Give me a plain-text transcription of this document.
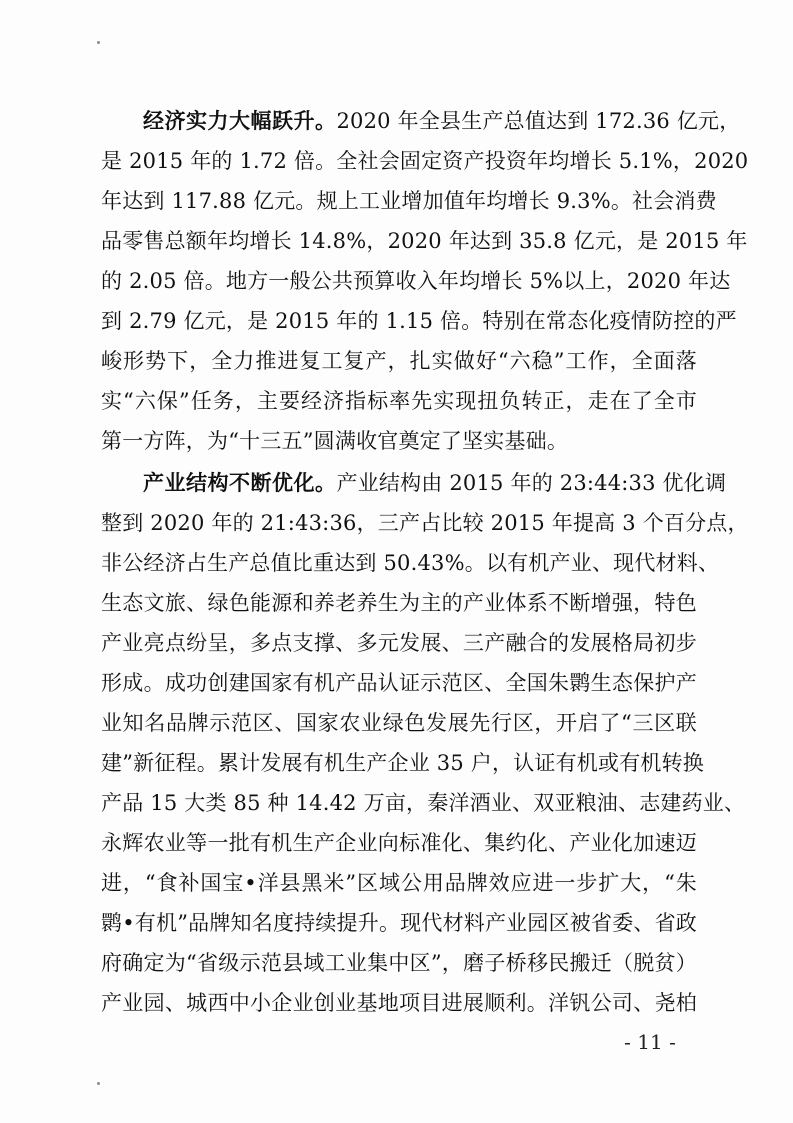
经济实力大幅跃升。2020 年全县生产总值达到 172.36 亿元，
是 2015 年的 1.72 倍。全社会固定资产投资年均增长 5.1%，2020
年达到 117.88 亿元。规上工业增加值年均增长 9.3%。社会消费
品零售总额年均增长 14.8%，2020 年达到 35.8 亿元，是 2015 年
的 2.05 倍。地方一般公共预算收入年均增长 5%以上，2020 年达
到 2.79 亿元，是 2015 年的 1.15 倍。特别在常态化疫情防控的严
峻形势下，全力推进复工复产，扎实做好“六稳”工作，全面落
实“六保”任务，主要经济指标率先实现扭负转正，走在了全市
第一方阵，为“十三五”圆满收官奠定了坚实基础。
产业结构不断优化。产业结构由 2015 年的 23:44:33 优化调
整到 2020 年的 21:43:36，三产占比较 2015 年提高 3 个百分点，
非公经济占生产总值比重达到 50.43%。以有机产业、现代材料、
生态文旅、绿色能源和养老养生为主的产业体系不断增强，特色
产业亮点纷呈，多点支撑、多元发展、三产融合的发展格局初步
形成。成功创建国家有机产品认证示范区、全国朱鹮生态保护产
业知名品牌示范区、国家农业绿色发展先行区，开启了“三区联
建”新征程。累计发展有机生产企业 35 户，认证有机或有机转换
产品 15 大类 85 种 14.42 万亩，秦洋酒业、双亚粮油、志建药业、
永辉农业等一批有机生产企业向标准化、集约化、产业化加速迈
进，“食补国宝•洋县黑米”区域公用品牌效应进一步扩大，“朱
鹮•有机”品牌知名度持续提升。现代材料产业园区被省委、省政
府确定为“省级示范县域工业集中区”，磨子桥移民搬迁（脱贫）
产业园、城西中小企业创业基地项目进展顺利。洋钒公司、尧柏
- 11 -
